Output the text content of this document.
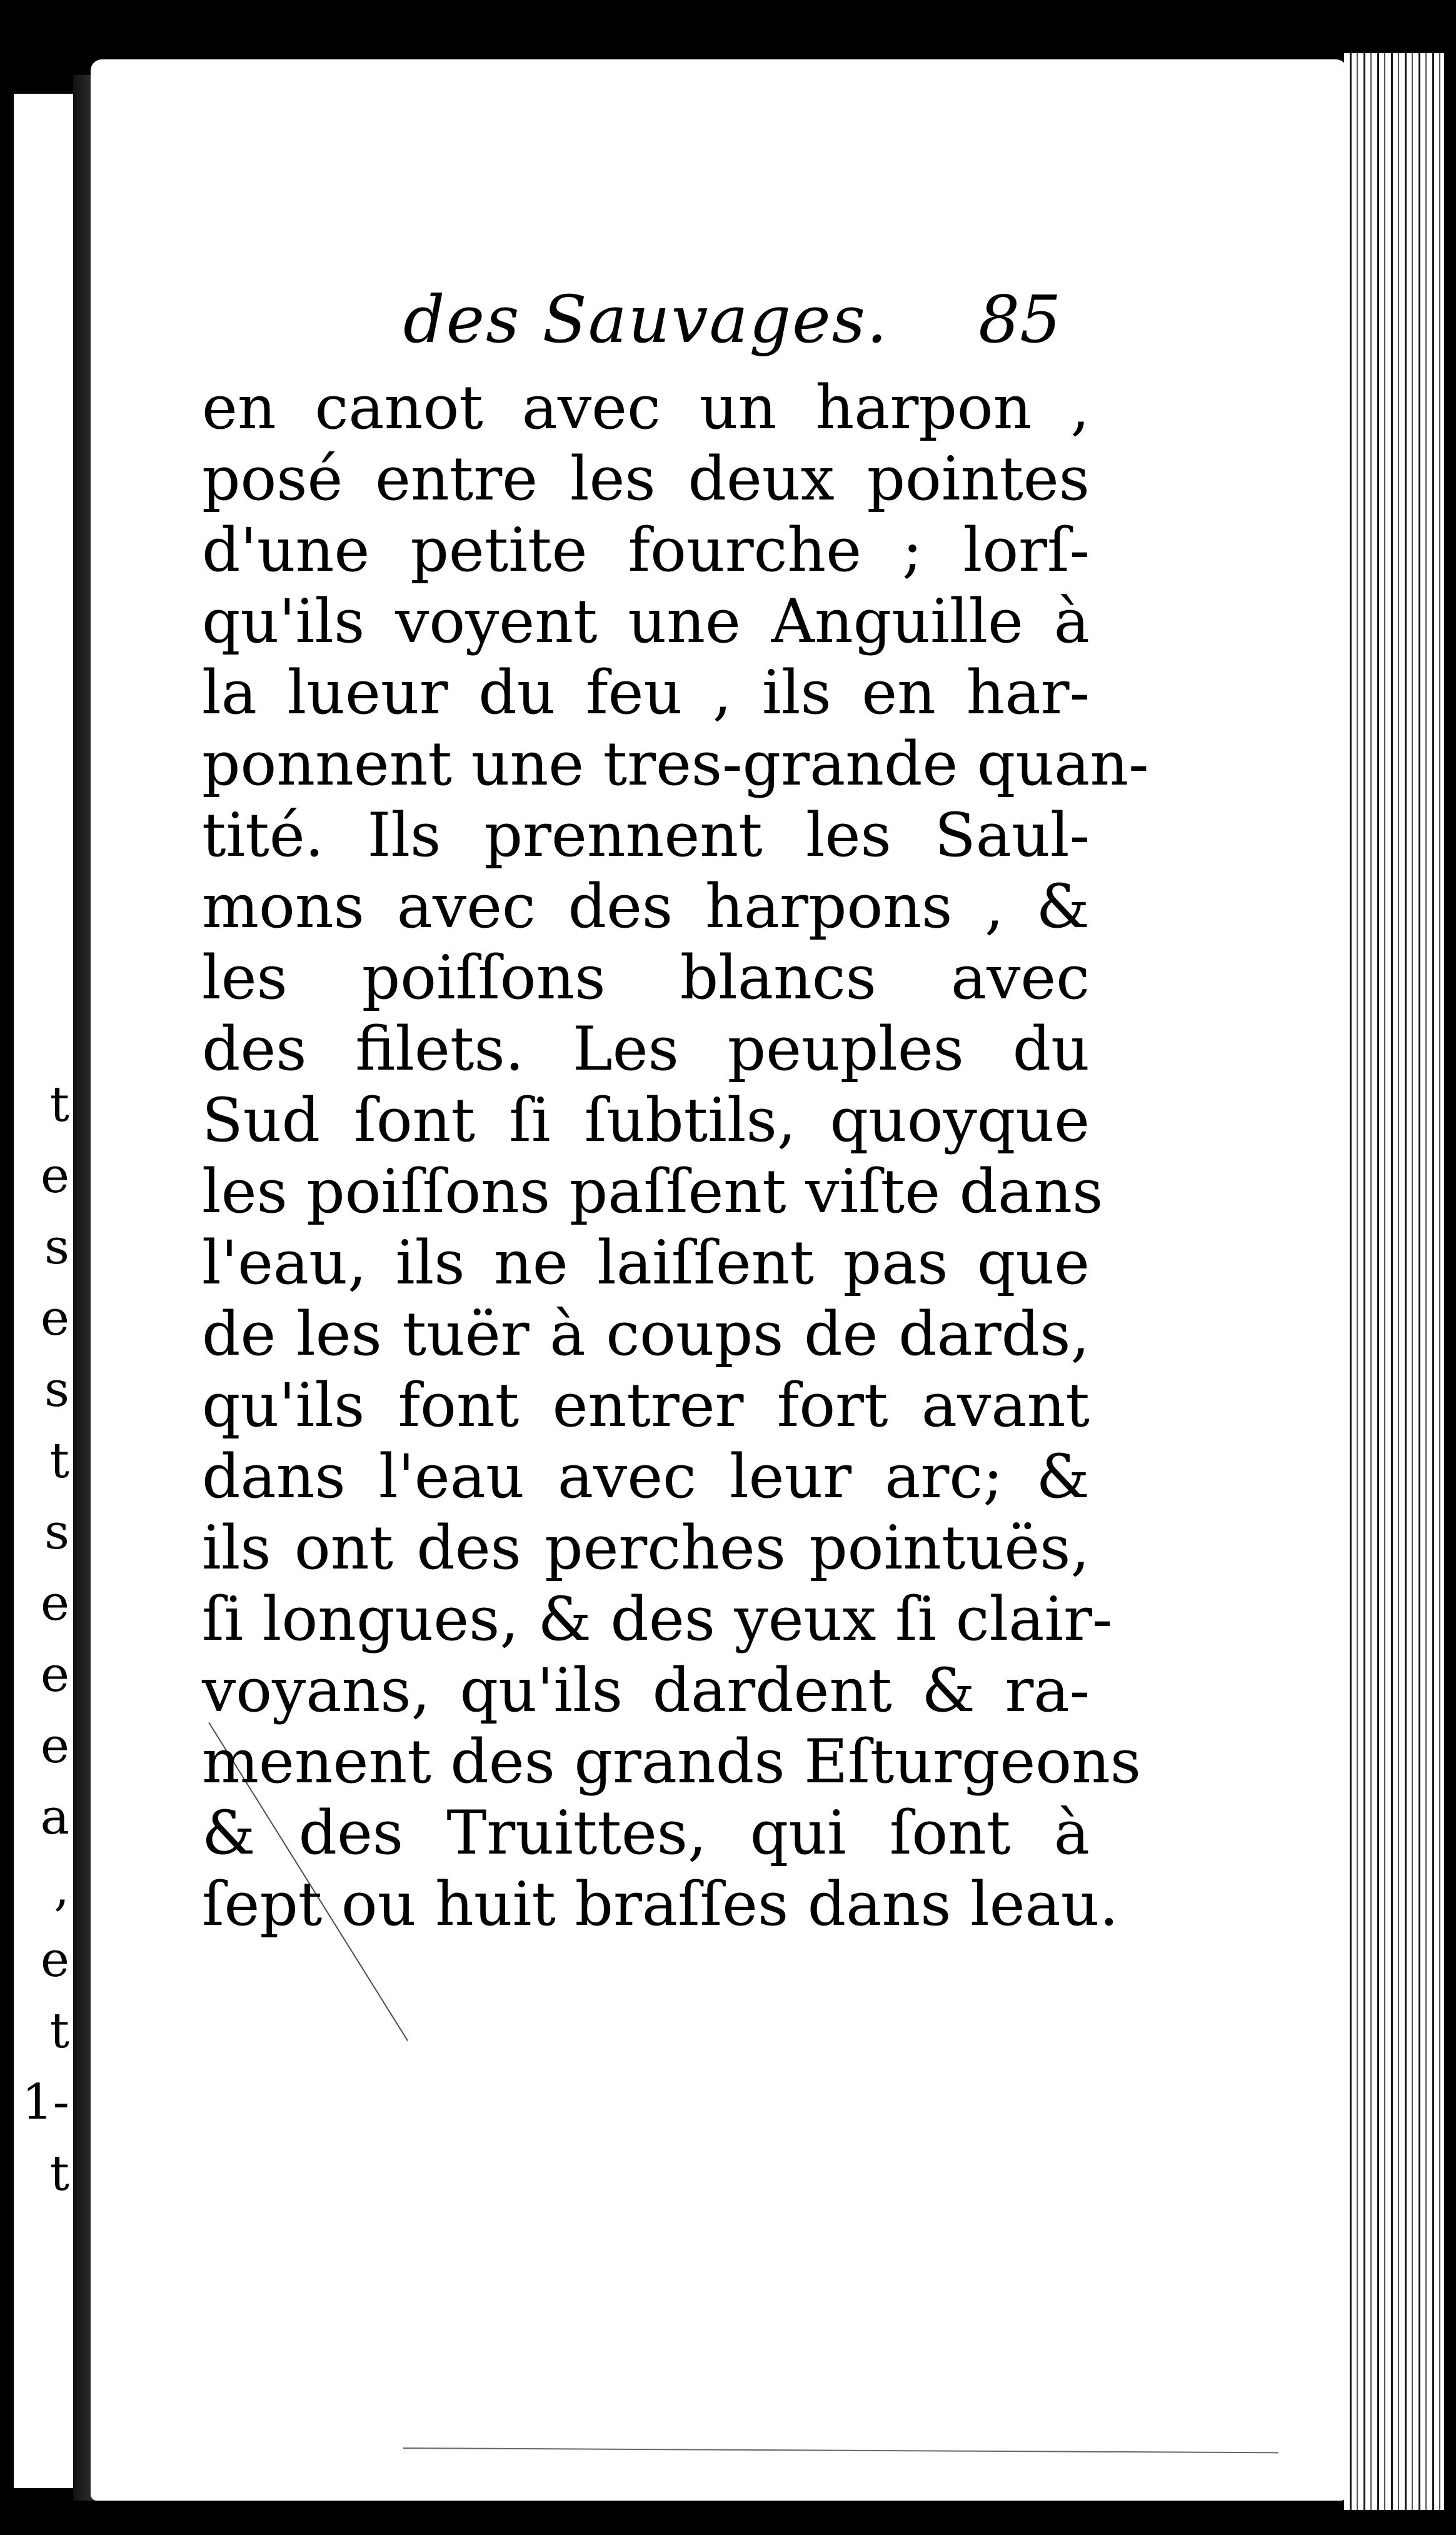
t
e
s
e
s
t
s
e
e
e
a
,
e
t
1-
t
des Sauvages. 85
en canot avec un harpon ,
posé entre les deux pointes
d'une petite fourche ; lorſ-
qu'ils voyent une Anguille à
la lueur du feu , ils en har-
ponnent une tres-grande quan-
tité. Ils prennent les Saul-
mons avec des harpons , &
les poiſſons blancs avec
des filets. Les peuples du
Sud ſont ſi ſubtils, quoyque
les poiſſons paſſent viſte dans
l'eau, ils ne laiſſent pas que
de les tuër à coups de dards,
qu'ils font entrer fort avant
dans l'eau avec leur arc; &
ils ont des perches pointuës,
ſi longues, & des yeux ſi clair-
voyans, qu'ils dardent & ra-
menent des grands Eſturgeons
& des Truittes, qui ſont à
ſept ou huit braſſes dans leau.
